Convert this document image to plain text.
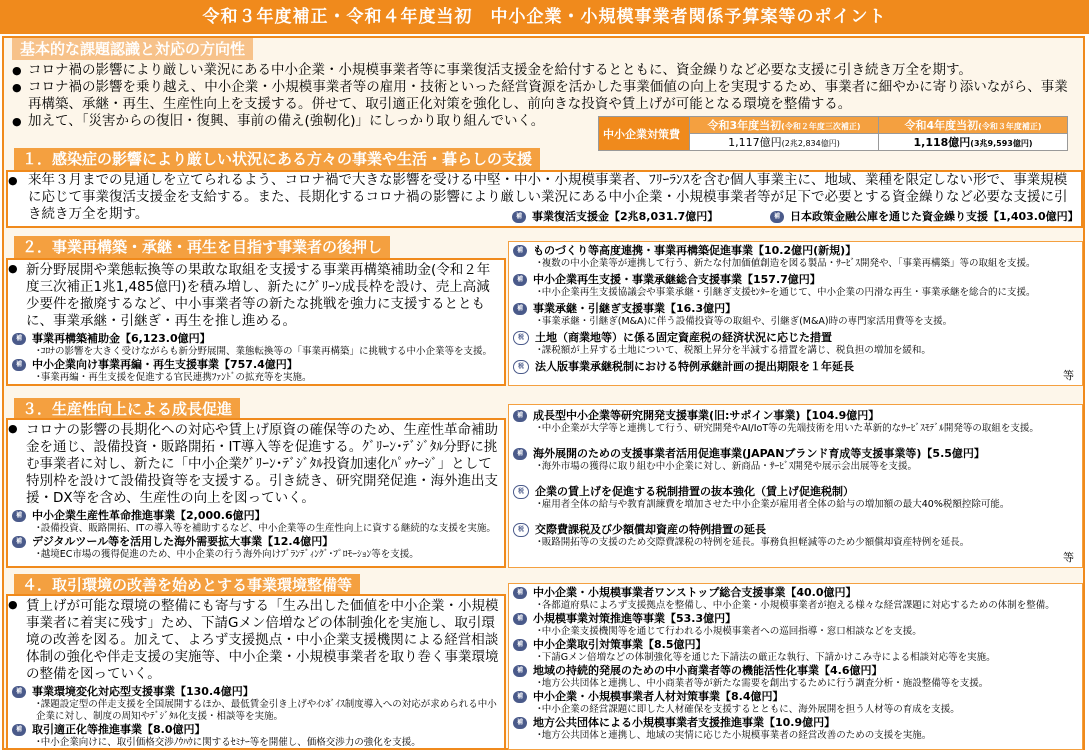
令和３年度補正・令和４年度当初　中小企業・小規模事業者関係予算案等のポイント
基本的な課題認識と対応の方向性
● コロナ禍の影響により厳しい業況にある中小企業・小規模事業者等に事業復活支援金を給付するとともに、資金繰りなど必要な支援に引き続き万全を期す。
● コロナ禍の影響を乗り越え、中小企業・小規模事業者等の雇用・技術といった経営資源を活かした事業価値の向上を実現するため、事業者に細やかに寄り添いながら、事業再構築、承継・再生、生産性向上を支援する。併せて、取引適正化対策を強化し、前向きな投資や賃上げが可能となる環境を整備する。
● 加えて、「災害からの復旧・復興、事前の備え(強靭化)」にしっかり取り組んでいく。
中小企業対策費	令和3年度当初(令和２年度三次補正)	令和4年度当初(令和３年度補正)
	1,117億円(2兆2,834億円)	1,118億円(3兆9,593億円)
１．感染症の影響により厳しい状況にある方々の事業や生活・暮らしの支援
● 来年３月までの見通しを立てられるよう、コロナ禍で大きな影響を受ける中堅・中小・小規模事業者、ﾌﾘｰﾗﾝｽを含む個人事業主に、地域、業種を限定しない形で、事業規模に応じて事業復活支援金を支給する。また、長期化するコロナ禍の影響により厳しい業況にある中小企業・小規模事業者等が足下で必要とする資金繰りなど必要な支援に引き続き万全を期す。	補 事業復活支援金【2兆8,031.7億円】	補 日本政策金融公庫を通じた資金繰り支援【1,403.0億円】
２．事業再構築・承継・再生を目指す事業者の後押し
● 新分野展開や業態転換等の果敢な取組を支援する事業再構築補助金(令和２年度三次補正1兆1,485億円)を積み増し、新たにｸﾞﾘｰﾝ成長枠を設け、売上高減少要件を撤廃するなど、中小事業者等の新たな挑戦を強力に支援するとともに、事業承継・引継ぎ・再生を推し進める。
補 事業再構築補助金【6,123.0億円】
･ｺﾛﾅの影響を大きく受けながらも新分野展開、業態転換等の「事業再構築」に挑戦する中小企業等を支援。
補 中小企業向け事業再編・再生支援事業【757.4億円】
･事業再編・再生支援を促進する官民連携ﾌｧﾝﾄﾞの拡充等を実施。
補 ものづくり等高度連携・事業再構築促進事業【10.2億円(新規)】
･複数の中小企業等が連携して行う、新たな付加価値創造を図る製品・ｻｰﾋﾞｽ開発や、「事業再構築」等の取組を支援。
補 中小企業再生支援・事業承継総合支援事業【157.7億円】
･中小企業再生支援協議会や事業承継・引継ぎ支援ｾﾝﾀｰを通じて、中小企業の円滑な再生・事業承継を総合的に支援。
補 事業承継・引継ぎ支援事業【16.3億円】
･事業承継・引継ぎ(M&A)に伴う設備投資等の取組や、引継ぎ(M&A)時の専門家活用費等を支援。
税	土地（商業地等）に係る固定資産税の経済状況に応じた措置
･課税額が上昇する土地について、税額上昇分を半減する措置を講じ、税負担の増加を緩和。
税	法人版事業承継税制における特例承継計画の提出期限を１年延長
等
３．生産性向上による成長促進
● コロナの影響の長期化への対応や賃上げ原資の確保等のため、生産性革命補助金を通じ、設備投資・販路開拓・IT導入等を促進する。ｸﾞﾘｰﾝ･ﾃﾞｼﾞﾀﾙ分野に挑む事業者に対し、新たに「中小企業ｸﾞﾘｰﾝ･ﾃﾞｼﾞﾀﾙ投資加速化ﾊﾟｯｹｰｼﾞ」として特別枠を設けて設備投資等を支援する。引き続き、研究開発促進・海外進出支援・DX等を含め、生産性の向上を図っていく。
補 中小企業生産性革命推進事業【2,000.6億円】
･設備投資、販路開拓、ITの導入等を補助するなど、中小企業等の生産性向上に資する継続的な支援を実施。
補 デジタルツール等を活用した海外需要拡大事業【12.4億円】
･越境EC市場の獲得促進のため、中小企業の行う海外向けﾌﾞﾗﾝﾃﾞｨﾝｸﾞ･ﾌﾟﾛﾓｰｼｮﾝ等を支援。
補 成長型中小企業等研究開発支援事業(旧:サポイン事業)【104.9億円】
･中小企業が大学等と連携して行う、研究開発やAI/IoT等の先端技術を用いた革新的なｻｰﾋﾞｽﾓﾃﾞﾙ開発等の取組を支援。
補 海外展開のための支援事業者活用促進事業(JAPANブランド育成等支援事業等)【5.5億円】
･海外市場の獲得に取り組む中小企業に対し、新商品・ｻｰﾋﾞｽ開発や展示会出展等を支援。
税	企業の賃上げを促進する税制措置の抜本強化（賃上げ促進税制）
･雇用者全体の給与や教育訓練費を増加させた中小企業が雇用者全体の給与の増加額の最大40%税額控除可能。
税	交際費課税及び少額償却資産の特例措置の延長
･販路開拓等の支援のため交際費課税の特例を延長。事務負担軽減等のため少額償却資産特例を延長。
等
４．取引環境の改善を始めとする事業環境整備等
● 賃上げが可能な環境の整備にも寄与する「生み出した価値を中小企業・小規模事業者に着実に残す」ため、下請Gメン倍増などの体制強化を実施し、取引環境の改善を図る。加えて、よろず支援拠点・中小企業支援機関による経営相談体制の強化や伴走支援の実施等、中小企業・小規模事業者を取り巻く事業環境の整備を図っていく。
補 事業環境変化対応型支援事業【130.4億円】
･課題設定型の伴走支援を全国展開するほか、最低賃金引き上げやｲﾝﾎﾞｲｽ制度導入への対応が求められる中小企業に対し、制度の周知やﾃﾞｼﾞﾀﾙ化支援・相談等を実施。
補 取引適正化等推進事業【8.0億円】
･中小企業向けに、取引価格交渉ﾉｳﾊｳに関するｾﾐﾅｰ等を開催し、価格交渉力の強化を支援。
補 中小企業・小規模事業者ワンストップ総合支援事業【40.0億円】
･各都道府県によろず支援拠点を整備し、中小企業・小規模事業者が抱える様々な経営課題に対応するための体制を整備。
補 小規模事業対策推進等事業【53.3億円】
･中小企業支援機関等を通じて行われる小規模事業者への巡回指導・窓口相談などを支援。
補 中小企業取引対策事業【8.5億円】
･下請Gメン倍増などの体制強化等を通じた下請法の厳正な執行、下請かけこみ寺による相談対応等を実施。
補 地域の持続的発展のための中小商業者等の機能活性化事業【4.6億円】
･地方公共団体と連携し、中小商業者等が新たな需要を創出するために行う調査分析・施設整備等を支援。
補 中小企業・小規模事業者人材対策事業【8.4億円】
･中小企業の経営課題に即した人材確保を支援するとともに、海外展開を担う人材等の育成を支援。
補 地方公共団体による小規模事業者支援推進事業【10.9億円】
･地方公共団体と連携し、地域の実情に応じた小規模事業者の経営改善のための支援を実施。
